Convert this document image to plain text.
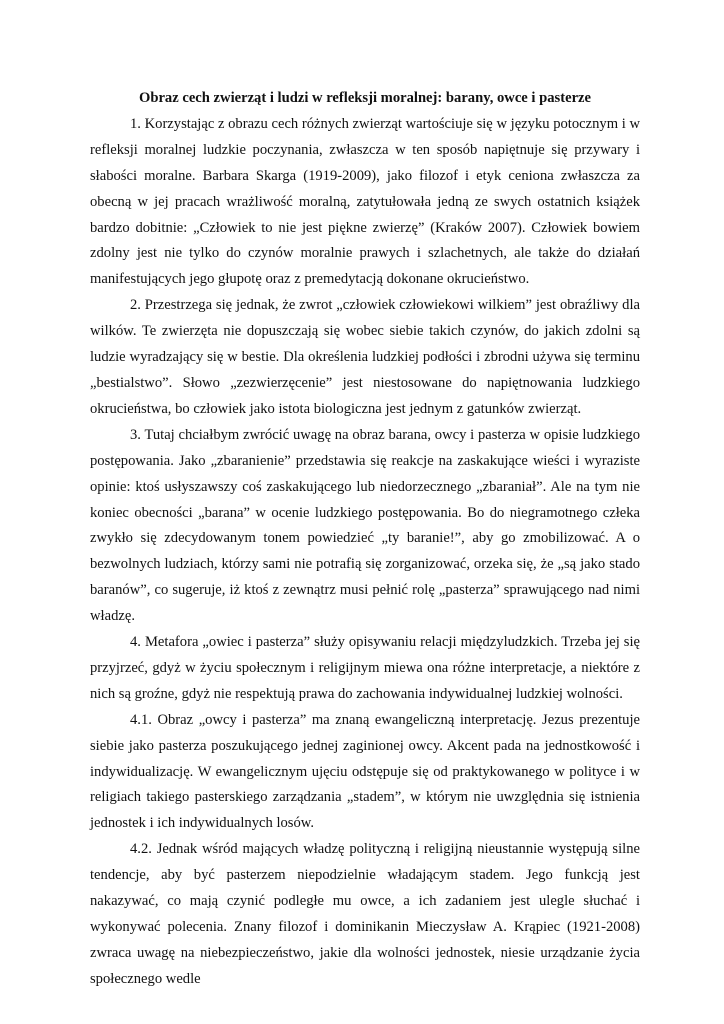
Obraz cech zwierząt i ludzi w refleksji moralnej: barany, owce i pasterze

1. Korzystając z obrazu cech różnych zwierząt wartościuje się w języku potocznym i w refleksji moralnej ludzkie poczynania, zwłaszcza w ten sposób napiętnuje się przywary i słabości moralne. Barbara Skarga (1919-2009), jako filozof i etyk ceniona zwłaszcza za obecną w jej pracach wrażliwość moralną, zatytułowała jedną ze swych ostatnich książek bardzo dobitnie: „Człowiek to nie jest piękne zwierzę” (Kraków 2007). Człowiek bowiem zdolny jest nie tylko do czynów moralnie prawych i szlachetnych, ale także do działań manifestujących jego głupotę oraz z premedytacją dokonane okrucieństwo.

2. Przestrzega się jednak, że zwrot „człowiek człowiekowi wilkiem” jest obraźliwy dla wilków. Te zwierzęta nie dopuszczają się wobec siebie takich czynów, do jakich zdolni są ludzie wyradzający się w bestie. Dla określenia ludzkiej podłości i zbrodni używa się terminu „bestialstwo”. Słowo „zezwierzęcenie” jest niestosowane do napiętnowania ludzkiego okrucieństwa, bo człowiek jako istota biologiczna jest jednym z gatunków zwierząt.

3. Tutaj chciałbym zwrócić uwagę na obraz barana, owcy i pasterza w opisie ludzkiego postępowania. Jako „zbaranienie” przedstawia się reakcje na zaskakujące wieści i wyraziste opinie: ktoś usłyszawszy coś zaskakującego lub niedorzecznego „zbaraniał”. Ale na tym nie koniec obecności „barana” w ocenie ludzkiego postępowania. Bo do niegramotnego człeka zwykło się zdecydowanym tonem powiedzieć „ty baranie!”, aby go zmobilizować. A o bezwolnych ludziach, którzy sami nie potrafią się zorganizować, orzeka się, że „są jako stado baranów”, co sugeruje, iż ktoś z zewnątrz musi pełnić rolę „pasterza” sprawującego nad nimi władzę.

4. Metafora „owiec i pasterza” służy opisywaniu relacji międzyludzkich. Trzeba jej się przyjrzeć, gdyż w życiu społecznym i religijnym miewa ona różne interpretacje, a niektóre z nich są groźne, gdyż nie respektują prawa do zachowania indywidualnej ludzkiej wolności.

4.1. Obraz „owcy i pasterza” ma znaną ewangeliczną interpretację. Jezus prezentuje siebie jako pasterza poszukującego jednej zaginionej owcy. Akcent pada na jednostkowość i indywidualizację. W ewangelicznym ujęciu odstępuje się od praktykowanego w polityce i w religiach takiego pasterskiego zarządzania „stadem”, w którym nie uwzględnia się istnienia jednostek i ich indywidualnych losów.

4.2. Jednak wśród mających władzę polityczną i religijną nieustannie występują silne tendencje, aby być pasterzem niepodzielnie władającym stadem. Jego funkcją jest nakazywać, co mają czynić podległe mu owce, a ich zadaniem jest ulegle słuchać i wykonywać polecenia. Znany filozof i dominikanin Mieczysław A. Krąpiec (1921-2008) zwraca uwagę na niebezpieczeństwo, jakie dla wolności jednostek, niesie urządzanie życia społecznego wedle
